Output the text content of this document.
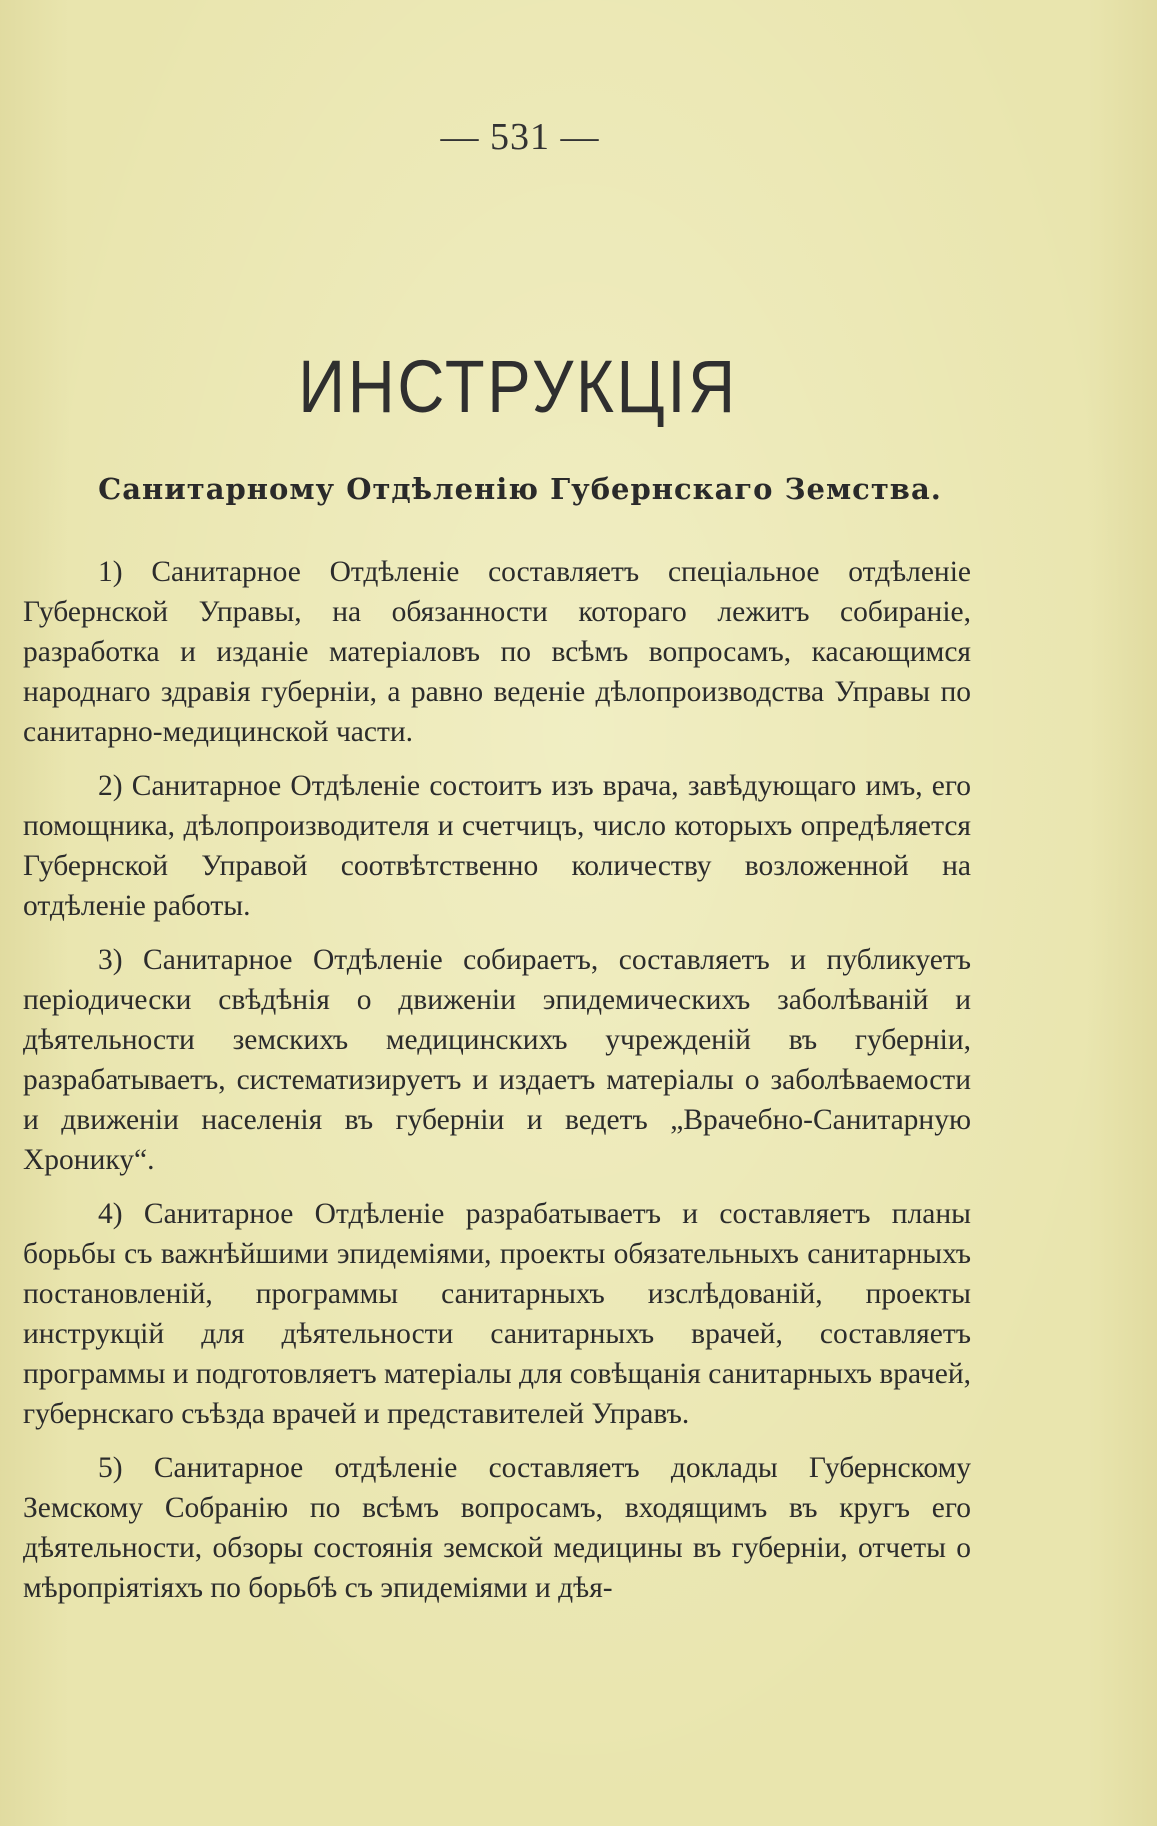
— 531 —
ИНСТРУКЦІЯ
Санитарному Отдѣленію Губернскаго Земства.

1) Санитарное Отдѣленіе составляетъ спеціальное отдѣленіе Губернской Управы, на обязанности котораго лежитъ собираніе, разработка и изданіе матеріаловъ по всѣмъ вопросамъ, касающимся народнаго здравія губерніи, а равно веденіе дѣлопроизводства Управы по санитарно-медицинской части.

2) Санитарное Отдѣленіе состоитъ изъ врача, завѣдующаго имъ, его помощника, дѣлопроизводителя и счетчицъ, число которыхъ опредѣляется Губернской Управой соотвѣтственно количеству возложенной на отдѣленіе работы.

3) Санитарное Отдѣленіе собираетъ, составляетъ и публикуетъ періодически свѣдѣнія о движеніи эпидемическихъ заболѣваній и дѣятельности земскихъ медицинскихъ учрежденій въ губерніи, разрабатываетъ, систематизируетъ и издаетъ матеріалы о заболѣваемости и движеніи населенія въ губерніи и ведетъ „Врачебно-Санитарную Хронику“.

4) Санитарное Отдѣленіе разрабатываетъ и составляетъ планы борьбы съ важнѣйшими эпидеміями, проекты обязательныхъ санитарныхъ постановленій, программы санитарныхъ изслѣдованій, проекты инструкцій для дѣятельности санитарныхъ врачей, составляетъ программы и подготовляетъ матеріалы для совѣщанія санитарныхъ врачей, губернскаго съѣзда врачей и представителей Управъ.

5) Санитарное отдѣленіе составляетъ доклады Губернскому Земскому Собранію по всѣмъ вопросамъ, входящимъ въ кругъ его дѣятельности, обзоры состоянія земской медицины въ губерніи, отчеты о мѣропріятіяхъ по борьбѣ съ эпидеміями и дѣя-
